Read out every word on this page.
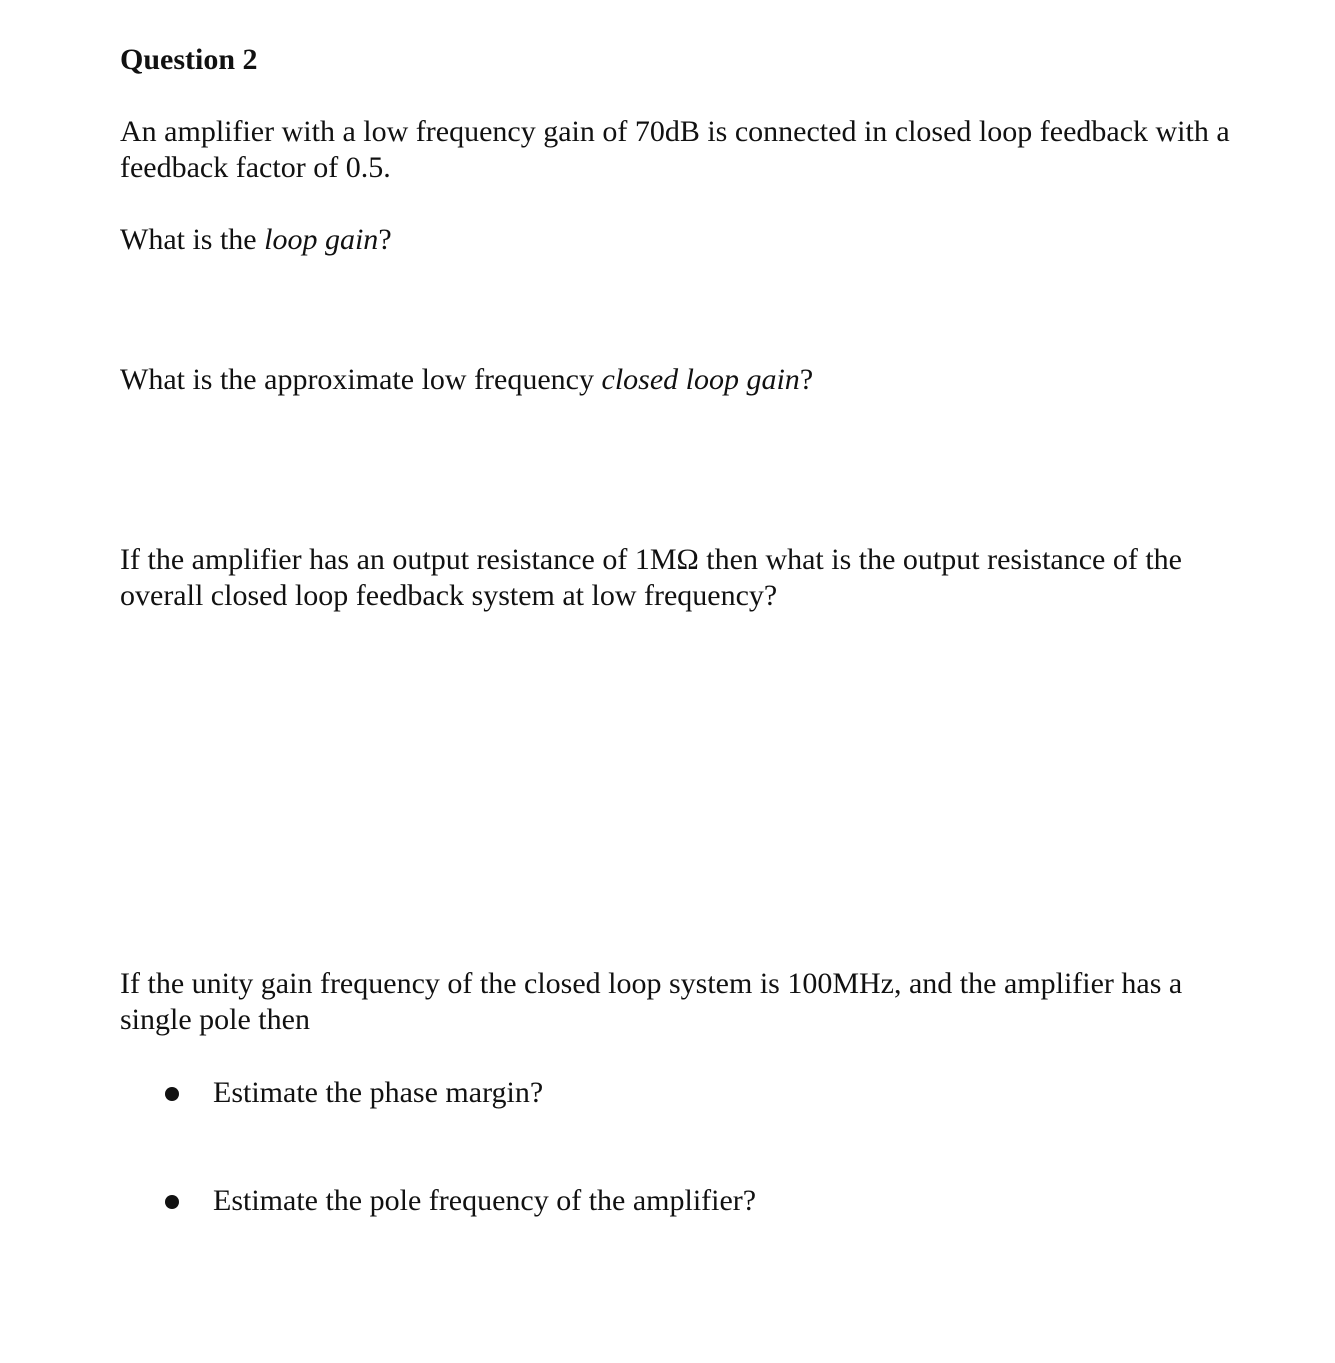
Question 2

An amplifier with a low frequency gain of 70dB is connected in closed loop feedback with a feedback factor of 0.5.

What is the loop gain?

What is the approximate low frequency closed loop gain?

If the amplifier has an output resistance of 1MΩ then what is the output resistance of the overall closed loop feedback system at low frequency?

If the unity gain frequency of the closed loop system is 100MHz, and the amplifier has a single pole then

Estimate the phase margin?
Estimate the pole frequency of the amplifier?
